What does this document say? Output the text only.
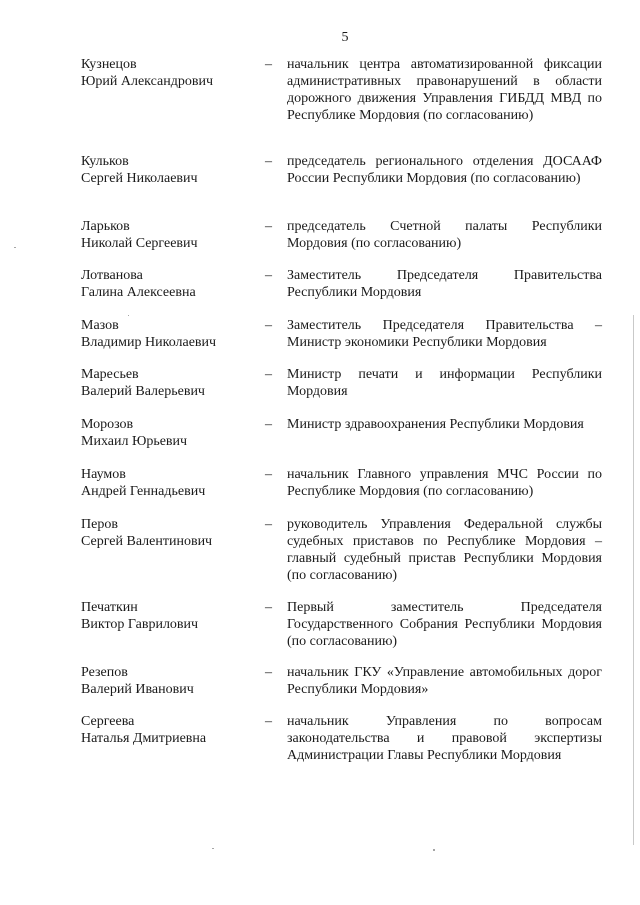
5
Кузнецов
Юрий Александрович
– начальник центра автоматизированной фиксации административных правонарушений в области дорожного движения Управления ГИБДД МВД по Республике Мордовия (по согласованию)
Кульков
Сергей Николаевич
– председатель регионального отделения ДОСААФ России Республики Мордовия (по согласованию)
Ларьков
Николай Сергеевич
– председатель Счетной палаты Республики Мордовия (по согласованию)
Лотванова
Галина Алексеевна
– Заместитель Председателя Правительства Республики Мордовия
Мазов
Владимир Николаевич
– Заместитель Председателя Правительства – Министр экономики Республики Мордовия
Маресьев
Валерий Валерьевич
– Министр печати и информации Республики Мордовия
Морозов
Михаил Юрьевич
– Министр здравоохранения Республики Мордовия
Наумов
Андрей Геннадьевич
– начальник Главного управления МЧС России по Республике Мордовия (по согласованию)
Перов
Сергей Валентинович
– руководитель Управления Федеральной службы судебных приставов по Республике Мордовия – главный судебный пристав Республики Мордовия (по согласованию)
Печаткин
Виктор Гаврилович
– Первый заместитель Председателя Государственного Собрания Республики Мордовия (по согласованию)
Резепов
Валерий Иванович
– начальник ГКУ «Управление автомобильных дорог Республики Мордовия»
Сергеева
Наталья Дмитриевна
– начальник Управления по вопросам законодательства и правовой экспертизы Администрации Главы Республики Мордовия
